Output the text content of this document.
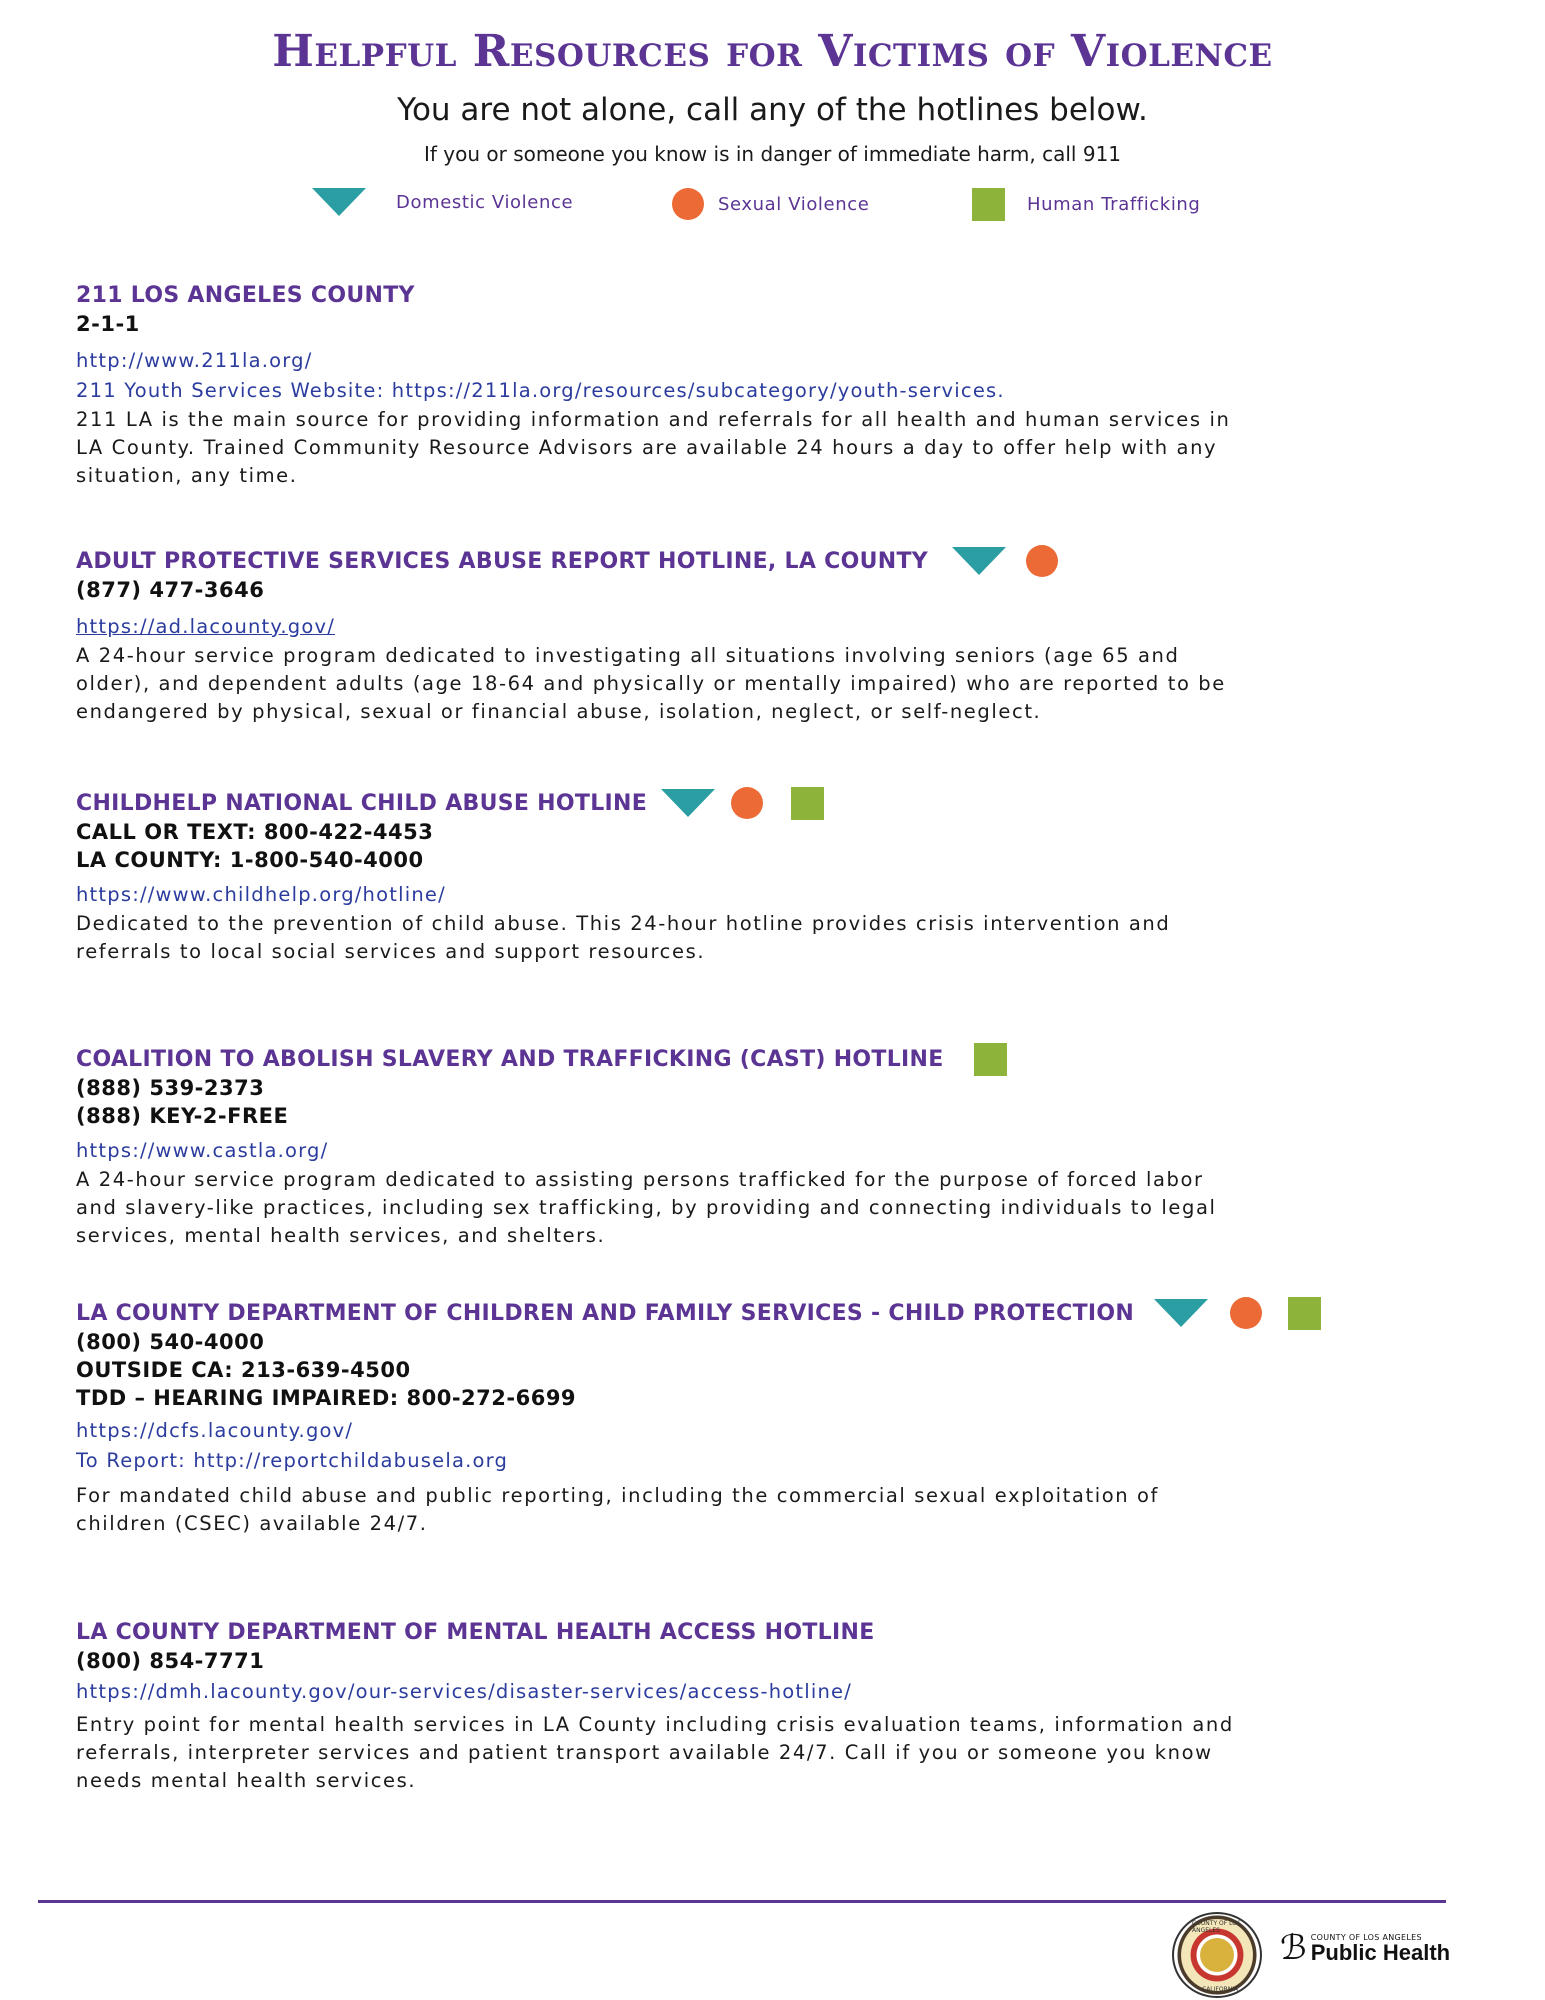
Helpful Resources for Victims of Violence
You are not alone, call any of the hotlines below.
If you or someone you know is in danger of immediate harm, call 911
Domestic Violence	Sexual Violence	Human Trafficking
211 LOS ANGELES COUNTY
2-1-1
http://www.211la.org/
211 Youth Services Website: https://211la.org/resources/subcategory/youth-services.
211 LA is the main source for providing information and referrals for all health and human services in
LA County. Trained Community Resource Advisors are available 24 hours a day to offer help with any
situation, any time.
ADULT PROTECTIVE SERVICES ABUSE REPORT HOTLINE, LA COUNTY
(877) 477-3646
https://ad.lacounty.gov/
A 24-hour service program dedicated to investigating all situations involving seniors (age 65 and
older), and dependent adults (age 18-64 and physically or mentally impaired) who are reported to be
endangered by physical, sexual or financial abuse, isolation, neglect, or self-neglect.
CHILDHELP NATIONAL CHILD ABUSE HOTLINE
CALL OR TEXT: 800-422-4453
LA COUNTY: 1-800-540-4000
https://www.childhelp.org/hotline/
Dedicated to the prevention of child abuse. This 24-hour hotline provides crisis intervention and
referrals to local social services and support resources.
COALITION TO ABOLISH SLAVERY AND TRAFFICKING (CAST) HOTLINE
(888) 539-2373
(888) KEY-2-FREE
https://www.castla.org/
A 24-hour service program dedicated to assisting persons trafficked for the purpose of forced labor
and slavery-like practices, including sex trafficking, by providing and connecting individuals to legal
services, mental health services, and shelters.
LA COUNTY DEPARTMENT OF CHILDREN AND FAMILY SERVICES - CHILD PROTECTION
(800) 540-4000
OUTSIDE CA: 213-639-4500
TDD – HEARING IMPAIRED: 800-272-6699
https://dcfs.lacounty.gov/
To Report: http://reportchildabusela.org
For mandated child abuse and public reporting, including the commercial sexual exploitation of
children (CSEC) available 24/7.
LA COUNTY DEPARTMENT OF MENTAL HEALTH ACCESS HOTLINE
(800) 854-7771
https://dmh.lacounty.gov/our-services/disaster-services/access-hotline/
Entry point for mental health services in LA County including crisis evaluation teams, information and
referrals, interpreter services and patient transport available 24/7. Call if you or someone you know
needs mental health services.
COUNTY OF LOS ANGELES
CALIFORNIA
ℬ COUNTY OF LOS ANGELES
Public Health
